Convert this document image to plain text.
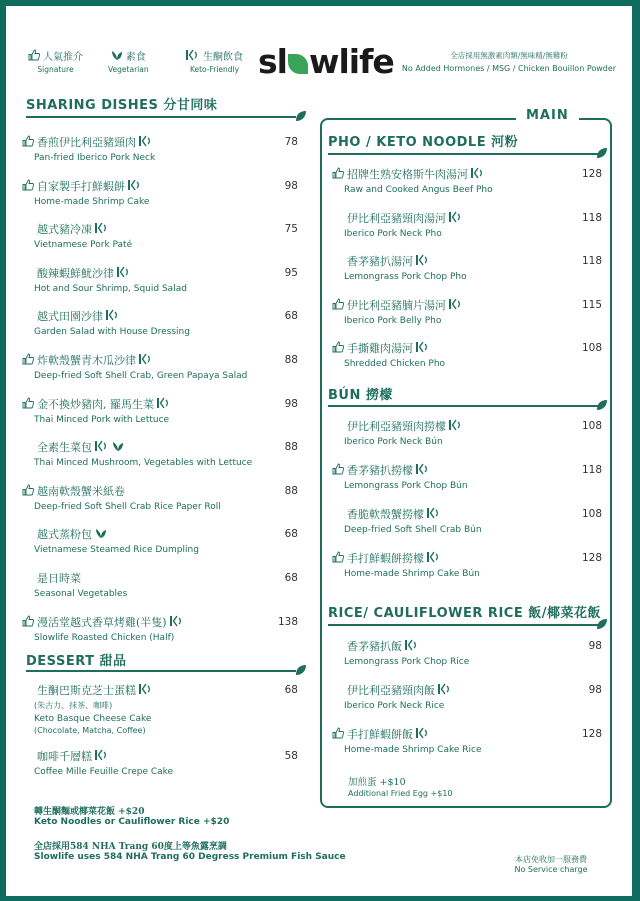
人氣推介
Signature
素食
Vegetarian
生酮飲食
Keto-Friendly sl wlife	全店採用無激素肉類/無味精/無雞粉
No Added Hormones / MSG / Chicken Bouillon Powder
SHARING DISHES 分甘同味
香煎伊比利亞豬頸肉
Pan-fried Iberico Pork Neck
78
自家製手打鮮蝦餅
Home-made Shrimp Cake
98
越式豬冷凍
Vietnamese Pork Paté
75
酸辣蝦鮮魷沙律
Hot and Sour Shrimp, Squid Salad
95
越式田園沙律
Garden Salad with House Dressing
68
炸軟殼蟹青木瓜沙律
Deep-fried Soft Shell Crab, Green Papaya Salad
88
金不換炒豬肉, 羅馬生菜
Thai Minced Pork with Lettuce
98
全素生菜包
Thai Minced Mushroom, Vegetables with Lettuce
88
越南軟殼蟹米紙卷
Deep-fried Soft Shell Crab Rice Paper Roll
88
越式蒸粉包
Vietnamese Steamed Rice Dumpling
68
是日時菜
Seasonal Vegetables
68
漫活堂越式香草烤雞(半隻)
Slowlife Roasted Chicken (Half)
138
DESSERT 甜品
生酮巴斯克芝士蛋糕
(朱古力、抹茶、咖啡)
Keto Basque Cheese Cake
(Chocolate, Matcha, Coffee)
68
咖啡千層糕
Coffee Mille Feuille Crepe Cake
58
轉生酮麵或椰菜花飯 +$20
Keto Noodles or Cauliflower Rice +$20
全店採用584 NHA Trang 60度上等魚露烹調
Slowlife uses 584 NHA Trang 60 Degress Premium Fish Sauce
MAIN
PHO / KETO NOODLE 河粉
招牌生熟安格斯牛肉湯河
Raw and Cooked Angus Beef Pho
128
伊比利亞豬頸肉湯河
Iberico Pork Neck Pho
118
香茅豬扒湯河
Lemongrass Pork Chop Pho
118
伊比利亞豬腩片湯河
Iberico Pork Belly Pho
115
手撕雞肉湯河
Shredded Chicken Pho
108
BÚN 撈檬
伊比利亞豬頸肉撈檬
Iberico Pork Neck Bún
108
香茅豬扒撈檬
Lemongrass Pork Chop Bún
118
香脆軟殼蟹撈檬
Deep-fried Soft Shell Crab Bún
108
手打鮮蝦餅撈檬
Home-made Shrimp Cake Bún
128
RICE/ CAULIFLOWER RICE 飯/椰菜花飯
香茅豬扒飯
Lemongrass Pork Chop Rice
98
伊比利亞豬頸肉飯
Iberico Pork Neck Rice
98
手打鮮蝦餅飯
Home-made Shrimp Cake Rice
128
加煎蛋 +$10
Additional Fried Egg +$10
本店免收加一服務費
No Service charge
